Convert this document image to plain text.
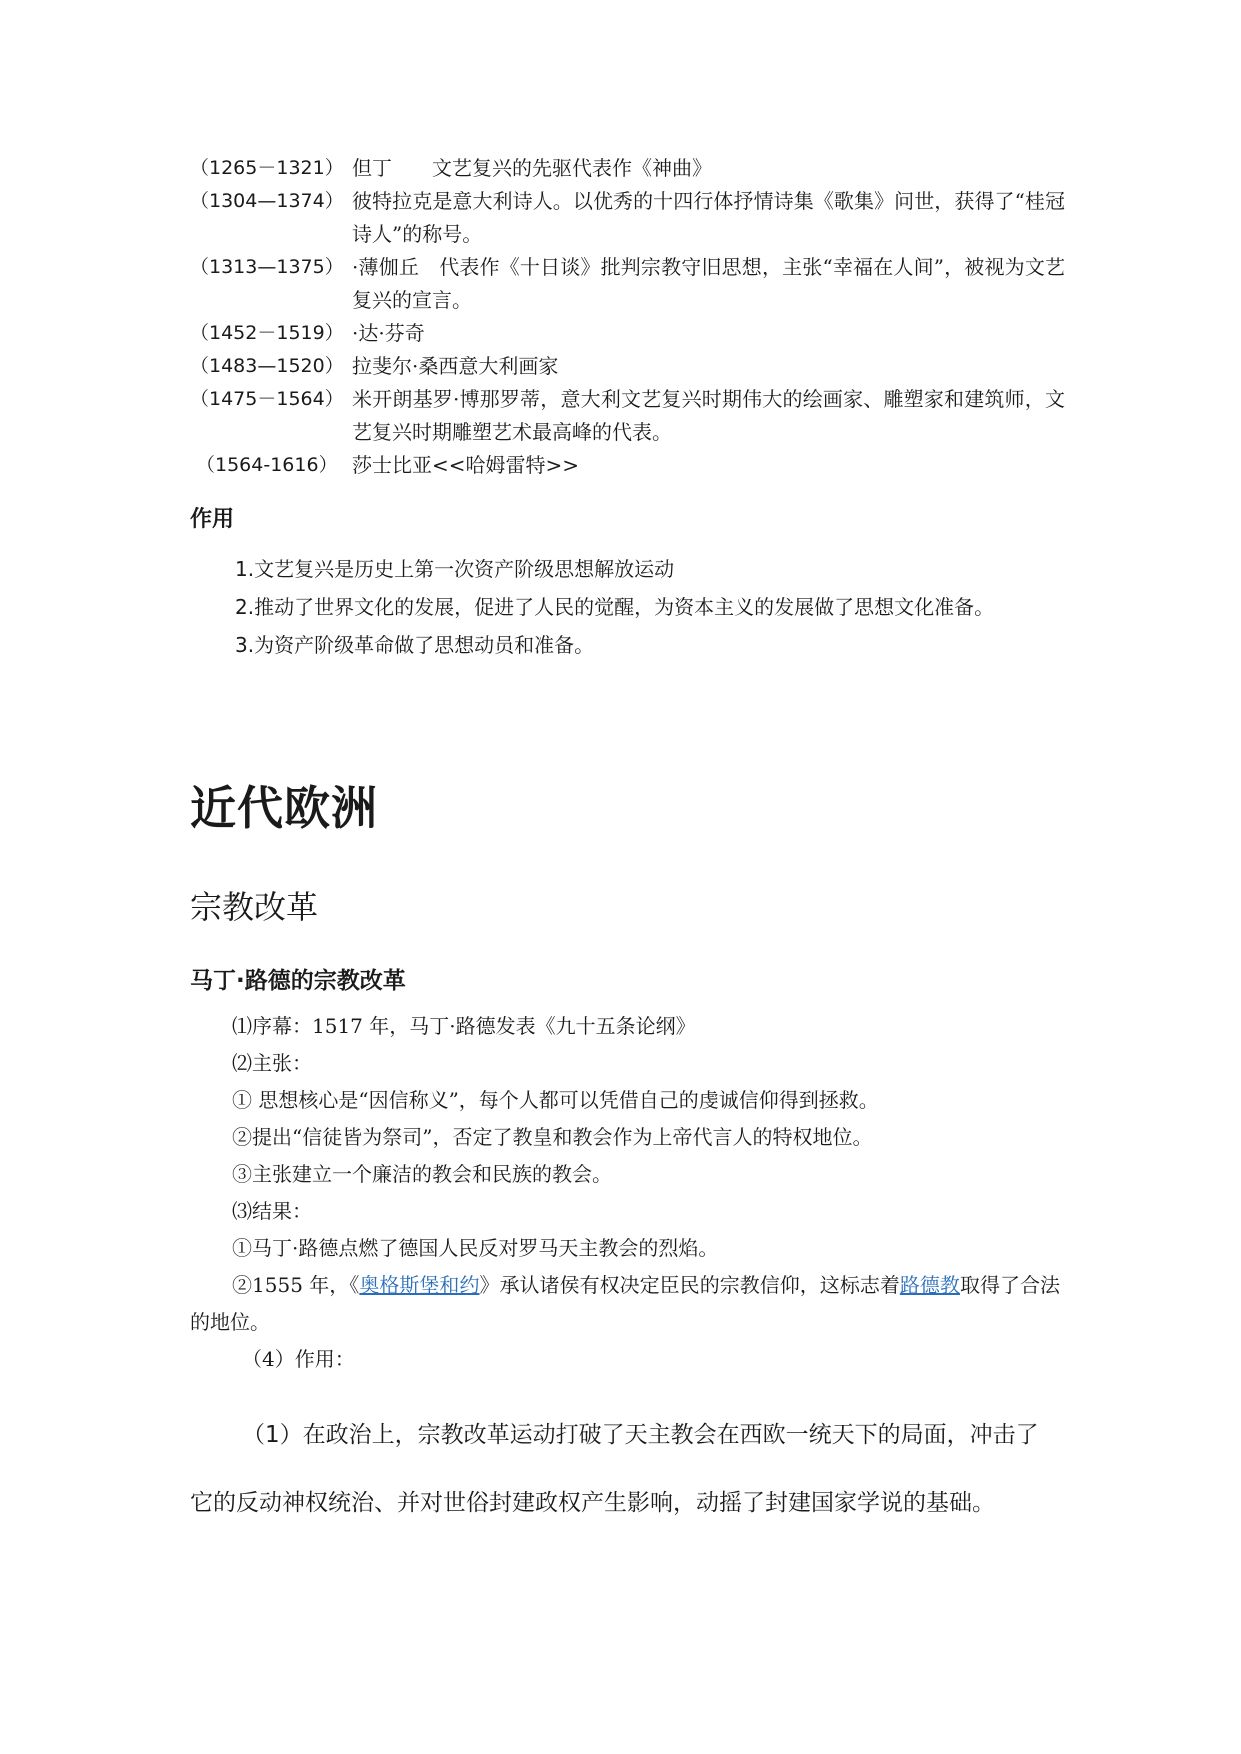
（1265－1321） 但丁　　文艺复兴的先驱代表作《神曲》
（1304—1374） 彼特拉克是意大利诗人。以优秀的十四行体抒情诗集《歌集》问世，获得了“桂冠诗人”的称号。
（1313—1375） ·薄伽丘　代表作《十日谈》批判宗教守旧思想，主张“幸福在人间”，被视为文艺复兴的宣言。
（1452－1519） ·达·芬奇
（1483—1520） 拉斐尔·桑西意大利画家
（1475－1564） 米开朗基罗·博那罗蒂，意大利文艺复兴时期伟大的绘画家、雕塑家和建筑师，文艺复兴时期雕塑艺术最高峰的代表。
（1564-1616） 莎士比亚<<哈姆雷特>>
作用
1.文艺复兴是历史上第一次资产阶级思想解放运动
2.推动了世界文化的发展，促进了人民的觉醒，为资本主义的发展做了思想文化准备。
3.为资产阶级革命做了思想动员和准备。
近代欧洲
宗教改革
马丁·路德的宗教改革
⑴序幕：1517 年，马丁·路德发表《九十五条论纲》
⑵主张：
① 思想核心是“因信称义”，每个人都可以凭借自己的虔诚信仰得到拯救。
②提出“信徒皆为祭司”，否定了教皇和教会作为上帝代言人的特权地位。
③主张建立一个廉洁的教会和民族的教会。
⑶结果：
①马丁·路德点燃了德国人民反对罗马天主教会的烈焰。
②1555 年，《奥格斯堡和约》承认诸侯有权决定臣民的宗教信仰，这标志着路德教取得了合法的地位。
（4）作用：
（1）在政治上，宗教改革运动打破了天主教会在西欧一统天下的局面，冲击了
它的反动神权统治、并对世俗封建政权产生影响，动摇了封建国家学说的基础。
